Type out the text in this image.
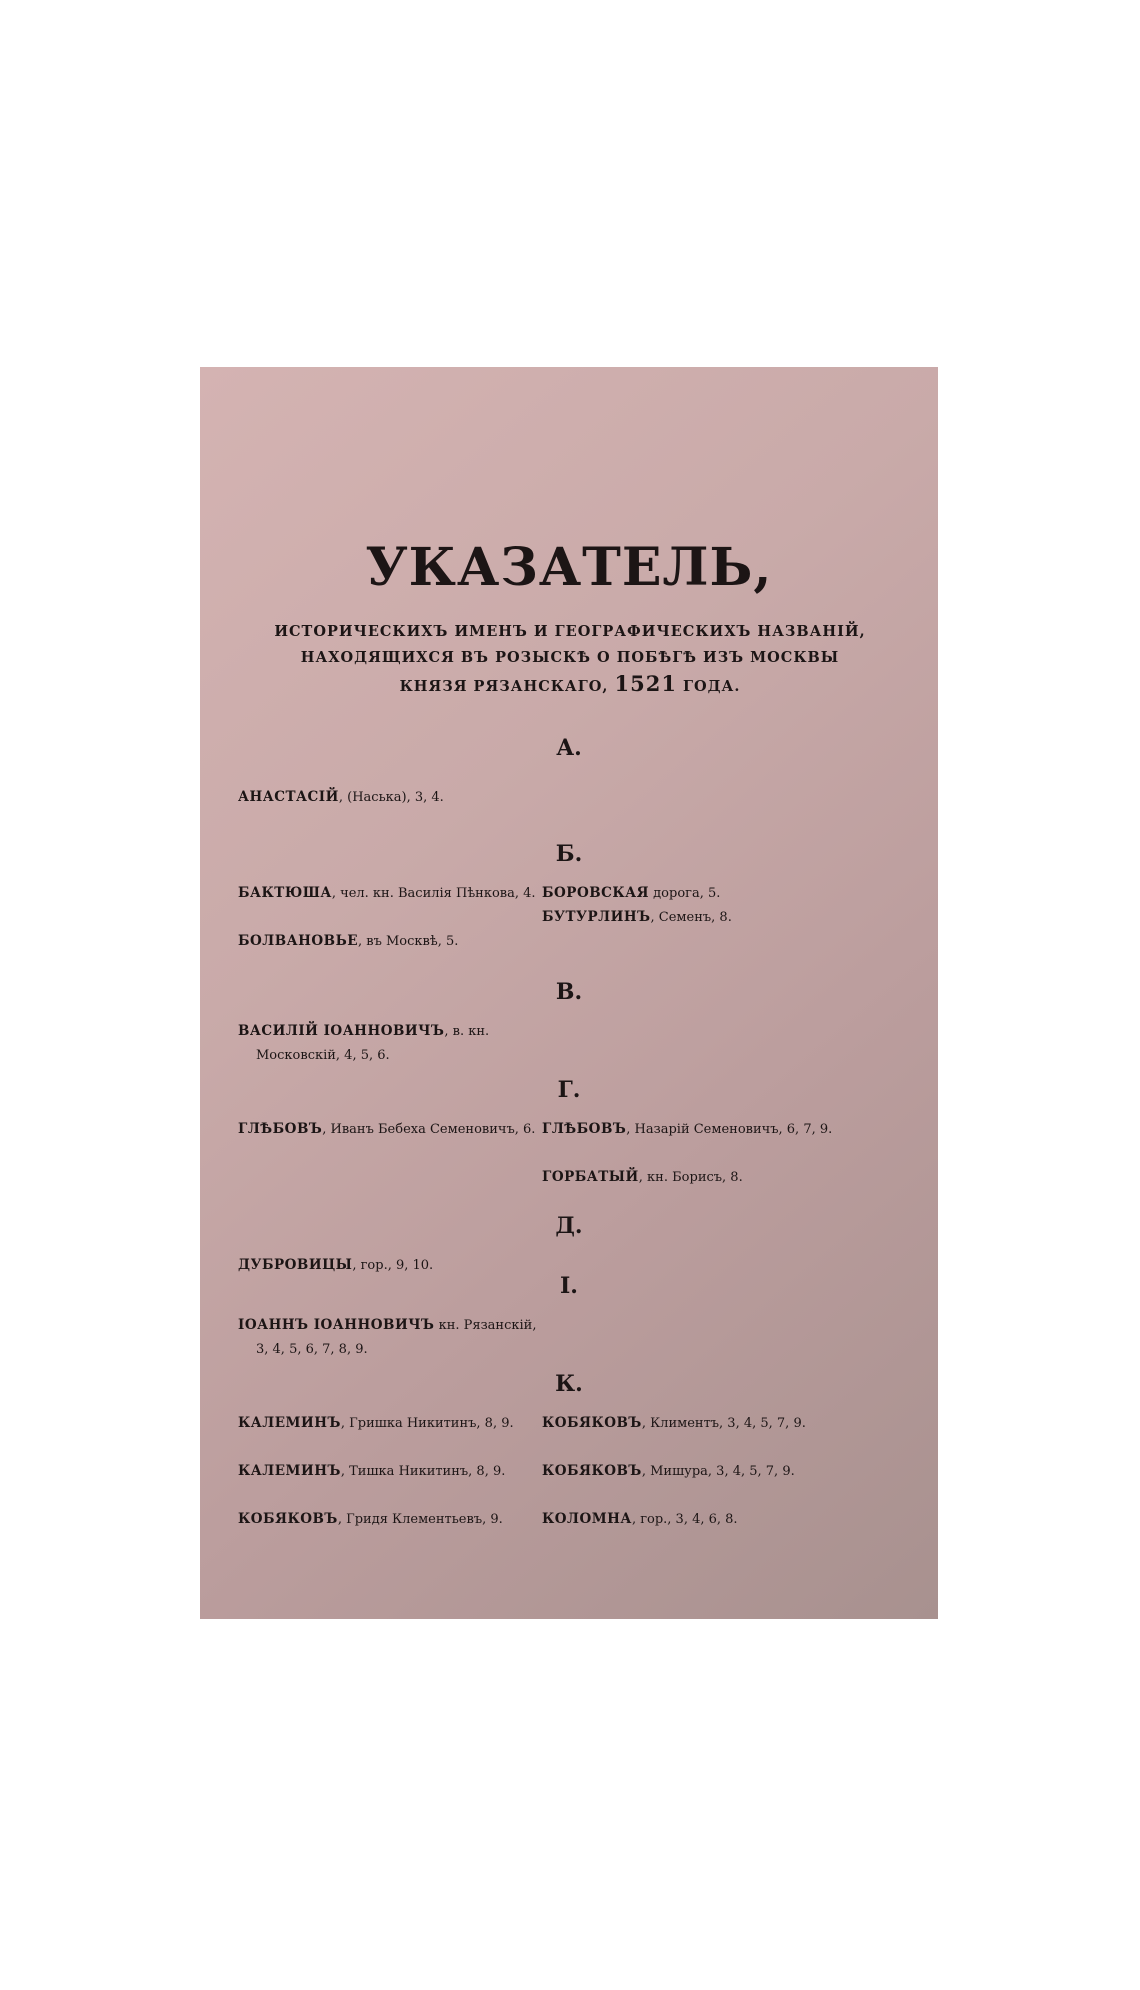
УКАЗАТЕЛЬ,
ИСТОРИЧЕСКИХЪ ИМЕНЪ И ГЕОГРАФИЧЕСКИХЪ НАЗВАНІЙ,
НАХОДЯЩИХСЯ ВЪ РОЗЫСКѢ О ПОБѢГѢ ИЗЪ МОСКВЫ
КНЯЗЯ РЯЗАНСКАГО, 1521 ГОДА.
А.
АНАСТАСІЙ, (Наська), 3, 4.
Б.
БАКТЮША, чел. кн. Василія Пѣнкова, 4.
БОЛВАНОВЬЕ, въ Москвѣ, 5.
БОРОВСКАЯ дорога, 5.
БУТУРЛИНЪ, Семенъ, 8.
В.
ВАСИЛІЙ ІОАННОВИЧЪ, в. кн. Московскій, 4, 5, 6.
Г.
ГЛѢБОВЪ, Иванъ Бебеха Семеновичъ, 6. ГЛѢБОВЪ, Назарій Семеновичъ, 6, 7, 9.
ГОРБАТЫЙ, кн. Борисъ, 8.
Д.
ДУБРОВИЦЫ, гор., 9, 10.
І.
ІОАННЪ ІОАННОВИЧЪ кн. Рязанскій, 3, 4, 5, 6, 7, 8, 9.
К.
КАЛЕМИНЪ, Гришка Никитинъ, 8, 9.
КАЛЕМИНЪ, Тишка Никитинъ, 8, 9.
КОБЯКОВЪ, Гридя Клементьевъ, 9.
КОБЯКОВЪ, Климентъ, 3, 4, 5, 7, 9.
КОБЯКОВЪ, Мишура, 3, 4, 5, 7, 9.
КОЛОМНА, гор., 3, 4, 6, 8.
